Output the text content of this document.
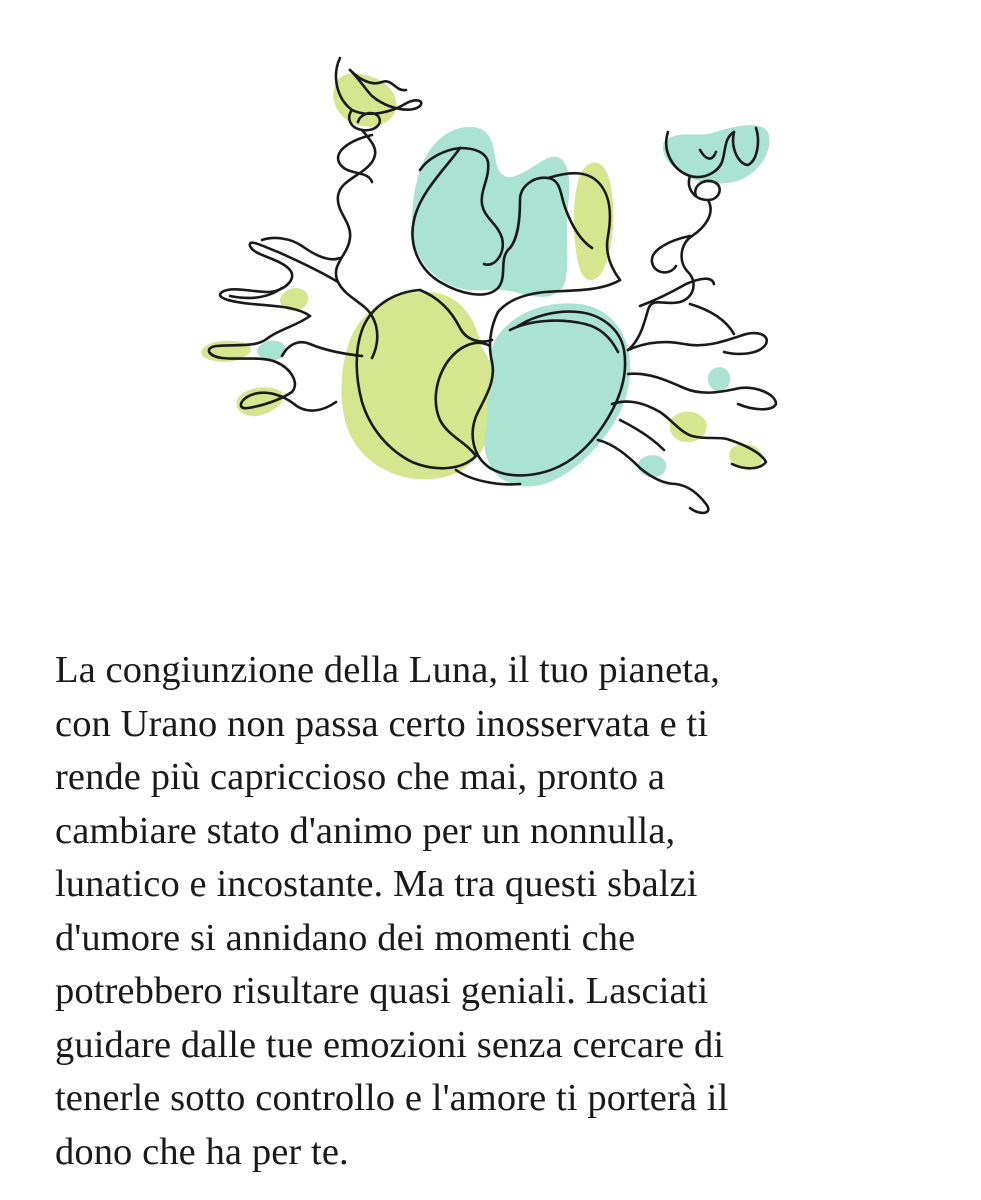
La congiunzione della Luna, il tuo pianeta,
con Urano non passa certo inosservata e ti
rende più capriccioso che mai, pronto a
cambiare stato d'animo per un nonnulla,
lunatico e incostante. Ma tra questi sbalzi
d'umore si annidano dei momenti che
potrebbero risultare quasi geniali. Lasciati
guidare dalle tue emozioni senza cercare di
tenerle sotto controllo e l'amore ti porterà il
dono che ha per te.
